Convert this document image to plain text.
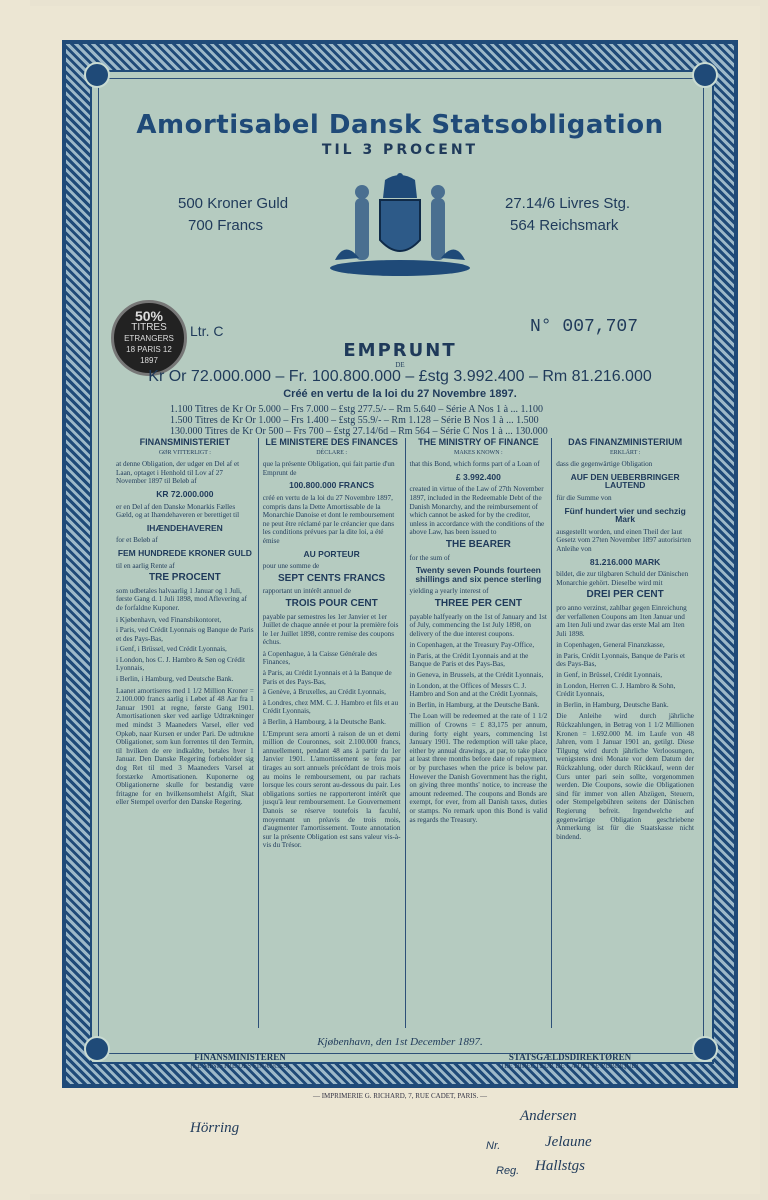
Amortisabel Dansk Statsobligation
TIL 3 PROCENT
500 Kroner Guld
700 Francs
27.14/6 Livres Stg.
564 Reichsmark
50%
TITRES
ETRANGERS
18 PARIS 12
1897
Ltr. C	N° 007,707
EMPRUNT
DE
Kr Or 72.000.000 – Fr. 100.800.000 – £stg 3.992.400 – Rm 81.216.000
Créé en vertu de la loi du 27 Novembre 1897.
1.100 Titres de Kr Or 5.000 – Frs 7.000 – £stg 277.5/- – Rm 5.640 – Série A Nos 1 à ... 1.100
1.500 Titres de Kr Or 1.000 – Frs 1.400 – £stg 55.9/- – Rm 1.128 – Série B Nos 1 à ... 1.500
130.000 Titres de Kr Or 500 – Frs 700 – £stg 27.14/6d – Rm 564 – Série C Nos 1 à ... 130.000
FINANSMINISTERIET
GØR VITTERLIGT :
at denne Obligation, der udgør en Del af et Laan, optaget i Henhold til Lov af 27 November 1897 til Beløb af
KR 72.000.000
er en Del af den Danske Monarkis Fælles Gæld, og at Ihændehaveren er berettiget til
IHÆNDEHAVEREN
for et Beløb af
FEM HUNDREDE KRONER GULD
til en aarlig Rente af
TRE PROCENT
som udbetales halvaarlig 1 Januar og 1 Juli, første Gang d. 1 Juli 1898, mod Aflevering af de forfaldne Kuponer.
i Kjøbenhavn, ved Finansbikontoret,
i Paris, ved Crédit Lyonnais og Banque de Paris et des Pays-Bas,
i Genf, i Brüssel, ved Crédit Lyonnais,
i London, hos C. J. Hambro & Søn og Crédit Lyonnais,
i Berlin, i Hamburg, ved Deutsche Bank.
Laanet amortiseres med 1 1/2 Million Kroner = 2.100.000 francs aarlig i Løbet af 48 Aar fra 1 Januar 1901 at regne, første Gang 1901. Amortisationen sker ved aarlige Udtrækninger med mindst 3 Maaneders Varsel, eller ved Opkøb, naar Kursen er under Pari. De udtrukne Obligationer, som kun forrentes til den Termin, til hvilken de ere indkaldte, betales hver 1 Januar. Den Danske Regering forbeholder sig dog Ret til med 3 Maaneders Varsel at forstærke Amortisationen. Kuponerne og Obligationerne skulle for bestandig være fritagne for en hvilkensomhelst Afgift, Skat eller Stempel overfor den Danske Regering.
LE MINISTÈRE DES FINANCES
DÉCLARE :
que la présente Obligation, qui fait partie d'un Emprunt de
100.800.000 FRANCS
créé en vertu de la loi du 27 Novembre 1897, compris dans la Dette Amortissable de la Monarchie Danoise et dont le remboursement ne peut être réclamé par le créancier que dans les conditions prévues par la dite loi, a été émise
AU PORTEUR
pour une somme de
SEPT CENTS FRANCS
rapportant un intérêt annuel de
TROIS POUR CENT
payable par semestres les 1er Janvier et 1er Juillet de chaque année et pour la première fois le 1er Juillet 1898, contre remise des coupons échus.
à Copenhague, à la Caisse Générale des Finances,
à Paris, au Crédit Lyonnais et à la Banque de Paris et des Pays-Bas,
à Genève, à Bruxelles, au Crédit Lyonnais,
à Londres, chez MM. C. J. Hambro et fils et au Crédit Lyonnais,
à Berlin, à Hambourg, à la Deutsche Bank.
L'Emprunt sera amorti à raison de un et demi million de Couronnes, soit 2.100.000 francs, annuellement, pendant 48 ans à partir du 1er Janvier 1901. L'amortissement se fera par tirages au sort annuels précédant de trois mois au moins le remboursement, ou par rachats lorsque les cours seront au-dessous du pair. Les obligations sorties ne rapporteront intérêt que jusqu'à leur remboursement. Le Gouvernement Danois se réserve toutefois la faculté, moyennant un préavis de trois mois, d'augmenter l'amortissement. Toute annotation sur la présente Obligation est sans valeur vis-à-vis du Trésor.
THE MINISTRY OF FINANCE
MAKES KNOWN :
that this Bond, which forms part of a Loan of
£ 3.992.400
created in virtue of the Law of 27th November 1897, included in the Redeemable Debt of the Danish Monarchy, and the reimbursement of which cannot be asked for by the creditor, unless in accordance with the conditions of the above Law, has been issued to
THE BEARER
for the sum of
Twenty seven Pounds fourteen shillings and six pence sterling
yielding a yearly interest of
THREE PER CENT
payable halfyearly on the 1st of January and 1st of July, commencing the 1st July 1898, on delivery of the due interest coupons.
in Copenhagen, at the Treasury Pay-Office,
in Paris, at the Crédit Lyonnais and at the Banque de Paris et des Pays-Bas,
in Geneva, in Brussels, at the Crédit Lyonnais,
in London, at the Offices of Messrs C. J. Hambro and Son and at the Crédit Lyonnais,
in Berlin, in Hamburg, at the Deutsche Bank.
The Loan will be redeemed at the rate of 1 1/2 million of Crowns = £ 83,175 per annum, during forty eight years, commencing 1st January 1901. The redemption will take place, either by annual drawings, at par, to take place at least three months before date of repayment, or by purchases when the price is below par. However the Danish Government has the right, on giving three months' notice, to increase the amount redeemed. The coupons and Bonds are exempt, for ever, from all Danish taxes, duties or stamps. No remark upon this Bond is valid as regards the Treasury.
DAS FINANZMINISTERIUM
ERKLÄRT :
dass die gegenwärtige Obligation
AUF DEN UEBERBRINGER LAUTEND
für die Summe von
Fünf hundert vier und sechzig Mark
ausgestellt worden, und einen Theil der laut Gesetz vom 27ten November 1897 autorisirten Anleihe von
81.216.000 MARK
bildet, die zur tilgbaren Schuld der Dänischen Monarchie gehört. Dieselbe wird mit
DREI PER CENT
pro anno verzinst, zahlbar gegen Einreichung der verfallenen Coupons am 1ten Januar und am 1ten Juli und zwar das erste Mal am 1ten Juli 1898.
in Copenhagen, General Finanzkasse,
in Paris, Crédit Lyonnais, Banque de Paris et des Pays-Bas,
in Genf, in Brüssel, Crédit Lyonnais,
in London, Herren C. J. Hambro & Sohn, Crédit Lyonnais,
in Berlin, in Hamburg, Deutsche Bank.
Die Anleihe wird durch jährliche Rückzahlungen, in Betrag von 1 1/2 Millionen Kronen = 1.692.000 M. im Laufe von 48 Jahren, vom 1 Januar 1901 an, getilgt. Diese Tilgung wird durch jährliche Verloosungen, wenigstens drei Monate vor dem Datum der Rückzahlung, oder durch Rückkauf, wenn der Curs unter pari sein sollte, vorgenommen werden. Die Coupons, sowie die Obligationen sind für immer von allen Abzügen, Steuern, oder Stempelgebühren seitens der Dänischen Regierung befreit. Irgendwelche auf gegenwärtige Obligation geschriebene Anmerkung ist für die Staatskasse nicht bindend.
Kjøbenhavn, den 1st December 1897.
FINANSMINISTEREN
(LE MINISTRE DES FINANCES)
STATSGÆLDSDIREKTØREN
(LE DIRECTEUR DE LA DETTE PUBLIQUE)
Hörring
Andersen
Nr.	Jelaune
Reg. Hallstgs
— IMPRIMERIE G. RICHARD, 7, RUE CADET, PARIS. —
